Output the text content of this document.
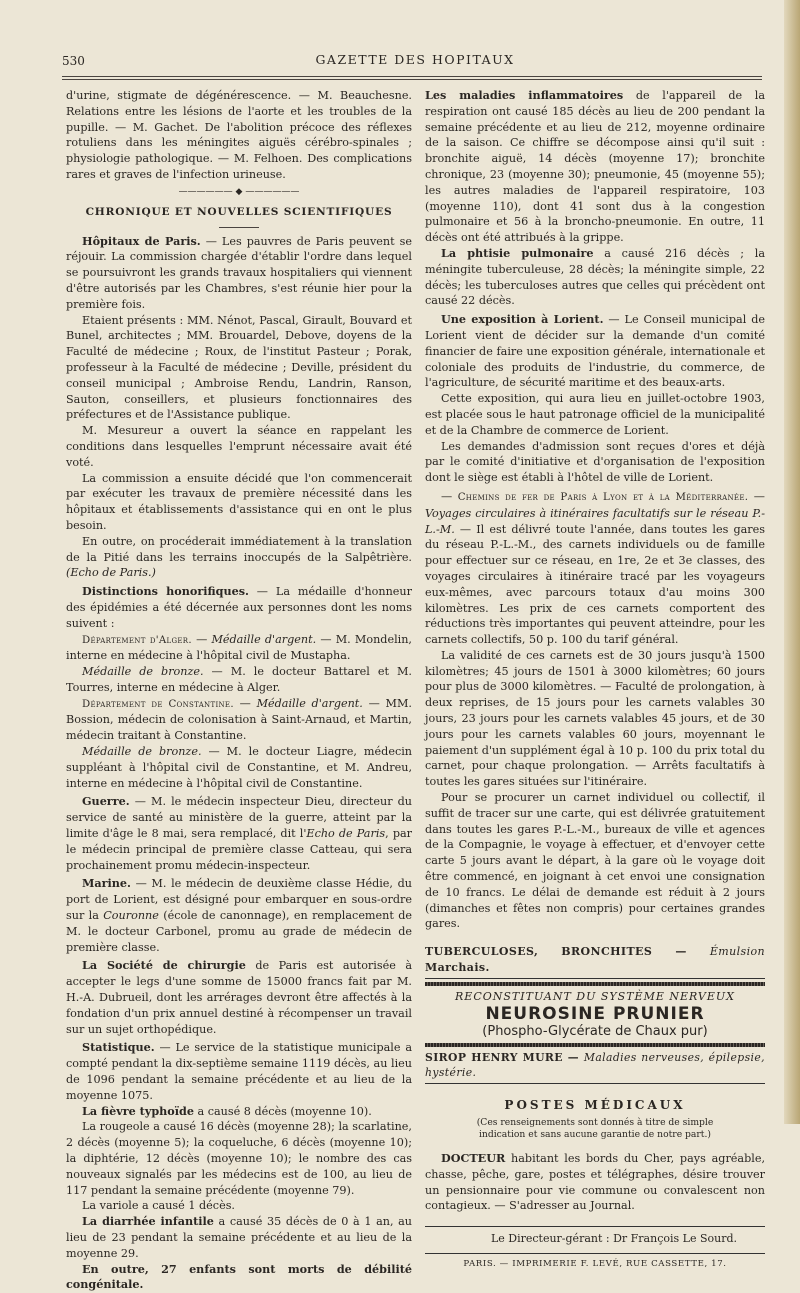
530	GAZETTE DES HOPITAUX

d'urine, stigmate de dégénérescence. — M. Beauchesne. Relations entre les lésions de l'aorte et les troubles de la pupille. — M. Gachet. De l'abolition précoce des réflexes rotuliens dans les méningites aiguës cérébro-spinales ; physiologie pathologique. — M. Felhoen. Des complications rares et graves de l'infection urineuse.

—————— ◆ ——————
CHRONIQUE ET NOUVELLES SCIENTIFIQUES

Hôpitaux de Paris. — Les pauvres de Paris peuvent se réjouir. La commission chargée d'établir l'ordre dans lequel se poursuivront les grands travaux hospitaliers qui viennent d'être autorisés par les Chambres, s'est réunie hier pour la première fois.

Etaient présents : MM. Nénot, Pascal, Girault, Bouvard et Bunel, architectes ; MM. Brouardel, Debove, doyens de la Faculté de médecine ; Roux, de l'institut Pasteur ; Porak, professeur à la Faculté de médecine ; Deville, président du conseil municipal ; Ambroise Rendu, Landrin, Ranson, Sauton, conseillers, et plusieurs fonctionnaires des préfectures et de l'Assistance publique.

M. Mesureur a ouvert la séance en rappelant les conditions dans lesquelles l'emprunt nécessaire avait été voté.

La commission a ensuite décidé que l'on commencerait par exécuter les travaux de première nécessité dans les hôpitaux et établissements d'assistance qui en ont le plus besoin.

En outre, on procéderait immédiatement à la translation de la Pitié dans les terrains inoccupés de la Salpêtrière. (Echo de Paris.)

Distinctions honorifiques. — La médaille d'honneur des épidémies a été décernée aux personnes dont les noms suivent :

Département d'Alger. — Médaille d'argent. — M. Mondelin, interne en médecine à l'hôpital civil de Mustapha.

Médaille de bronze. — M. le docteur Battarel et M. Tourres, interne en médecine à Alger.

Département de Constantine. — Médaille d'argent. — MM. Bossion, médecin de colonisation à Saint-Arnaud, et Martin, médecin traitant à Constantine.

Médaille de bronze. — M. le docteur Liagre, médecin suppléant à l'hôpital civil de Constantine, et M. Andreu, interne en médecine à l'hôpital civil de Constantine.

Guerre. — M. le médecin inspecteur Dieu, directeur du service de santé au ministère de la guerre, atteint par la limite d'âge le 8 mai, sera remplacé, dit l'Echo de Paris, par le médecin principal de première classe Catteau, qui sera prochainement promu médecin-inspecteur.

Marine. — M. le médecin de deuxième classe Hédie, du port de Lorient, est désigné pour embarquer en sous-ordre sur la Couronne (école de canonnage), en remplacement de M. le docteur Carbonel, promu au grade de médecin de première classe.

La Société de chirurgie de Paris est autorisée à accepter le legs d'une somme de 15000 francs fait par M. H.-A. Dubrueil, dont les arrérages devront être affectés à la fondation d'un prix annuel destiné à récompenser un travail sur un sujet orthopédique.

Statistique. — Le service de la statistique municipale a compté pendant la dix-septième semaine 1119 décès, au lieu de 1096 pendant la semaine précédente et au lieu de la moyenne 1075.

La fièvre typhoïde a causé 8 décès (moyenne 10).

La rougeole a causé 16 décès (moyenne 28); la scarlatine, 2 décès (moyenne 5); la coqueluche, 6 décès (moyenne 10); la diphtérie, 12 décès (moyenne 10); le nombre des cas nouveaux signalés par les médecins est de 100, au lieu de 117 pendant la semaine précédente (moyenne 79).

La variole a causé 1 décès.

La diarrhée infantile a causé 35 décès de 0 à 1 an, au lieu de 23 pendant la semaine précédente et au lieu de la moyenne 29.

En outre, 27 enfants sont morts de débilité congénitale.

Les maladies inflammatoires de l'appareil de la respiration ont causé 185 décès au lieu de 200 pendant la semaine précédente et au lieu de 212, moyenne ordinaire de la saison. Ce chiffre se décompose ainsi qu'il suit : bronchite aiguë, 14 décès (moyenne 17); bronchite chronique, 23 (moyenne 30); pneumonie, 45 (moyenne 55); les autres maladies de l'appareil respiratoire, 103 (moyenne 110), dont 41 sont dus à la congestion pulmonaire et 56 à la broncho-pneumonie. En outre, 11 décès ont été attribués à la grippe.

La phtisie pulmonaire a causé 216 décès ; la méningite tuberculeuse, 28 décès; la méningite simple, 22 décès; les tuberculoses autres que celles qui précèdent ont causé 22 décès.

Une exposition à Lorient. — Le Conseil municipal de Lorient vient de décider sur la demande d'un comité financier de faire une exposition générale, internationale et coloniale des produits de l'industrie, du commerce, de l'agriculture, de sécurité maritime et des beaux-arts.

Cette exposition, qui aura lieu en juillet-octobre 1903, est placée sous le haut patronage officiel de la municipalité et de la Chambre de commerce de Lorient.

Les demandes d'admission sont reçues d'ores et déjà par le comité d'initiative et d'organisation de l'exposition dont le siège est établi à l'hôtel de ville de Lorient.

— Chemins de fer de Paris à Lyon et à la Méditerranée. — Voyages circulaires à itinéraires facultatifs sur le réseau P.-L.-M. — Il est délivré toute l'année, dans toutes les gares du réseau P.-L.-M., des carnets individuels ou de famille pour effectuer sur ce réseau, en 1re, 2e et 3e classes, des voyages circulaires à itinéraire tracé par les voyageurs eux-mêmes, avec parcours totaux d'au moins 300 kilomètres. Les prix de ces carnets comportent des réductions très importantes qui peuvent atteindre, pour les carnets collectifs, 50 p. 100 du tarif général.

La validité de ces carnets est de 30 jours jusqu'à 1500 kilomètres; 45 jours de 1501 à 3000 kilomètres; 60 jours pour plus de 3000 kilomètres. — Faculté de prolongation, à deux reprises, de 15 jours pour les carnets valables 30 jours, 23 jours pour les carnets valables 45 jours, et de 30 jours pour les carnets valables 60 jours, moyennant le paiement d'un supplément égal à 10 p. 100 du prix total du carnet, pour chaque prolongation. — Arrêts facultatifs à toutes les gares situées sur l'itinéraire.

Pour se procurer un carnet individuel ou collectif, il suffit de tracer sur une carte, qui est délivrée gratuitement dans toutes les gares P.-L.-M., bureaux de ville et agences de la Compagnie, le voyage à effectuer, et d'envoyer cette carte 5 jours avant le départ, à la gare où le voyage doit être commencé, en joignant à cet envoi une consignation de 10 francs. Le délai de demande est réduit à 2 jours (dimanches et fêtes non compris) pour certaines grandes gares.

TUBERCULOSES, BRONCHITES — Émulsion Marchais.
RECONSTITUANT DU SYSTÈME NERVEUX
NEUROSINE PRUNIER
(Phospho-Glycérate de Chaux pur)
SIROP HENRY MURE — Maladies nerveuses, épilepsie, hystérie.
POSTES MÉDICAUX
(Ces renseignements sont donnés à titre de simple indication et sans aucune garantie de notre part.)

DOCTEUR habitant les bords du Cher, pays agréable, chasse, pêche, gare, postes et télégraphes, désire trouver un pensionnaire pour vie commune ou convalescent non contagieux. — S'adresser au Journal.

Le Directeur-gérant : Dr François Le Sourd.
PARIS. — IMPRIMERIE F. LEVÉ, RUE CASSETTE, 17.
